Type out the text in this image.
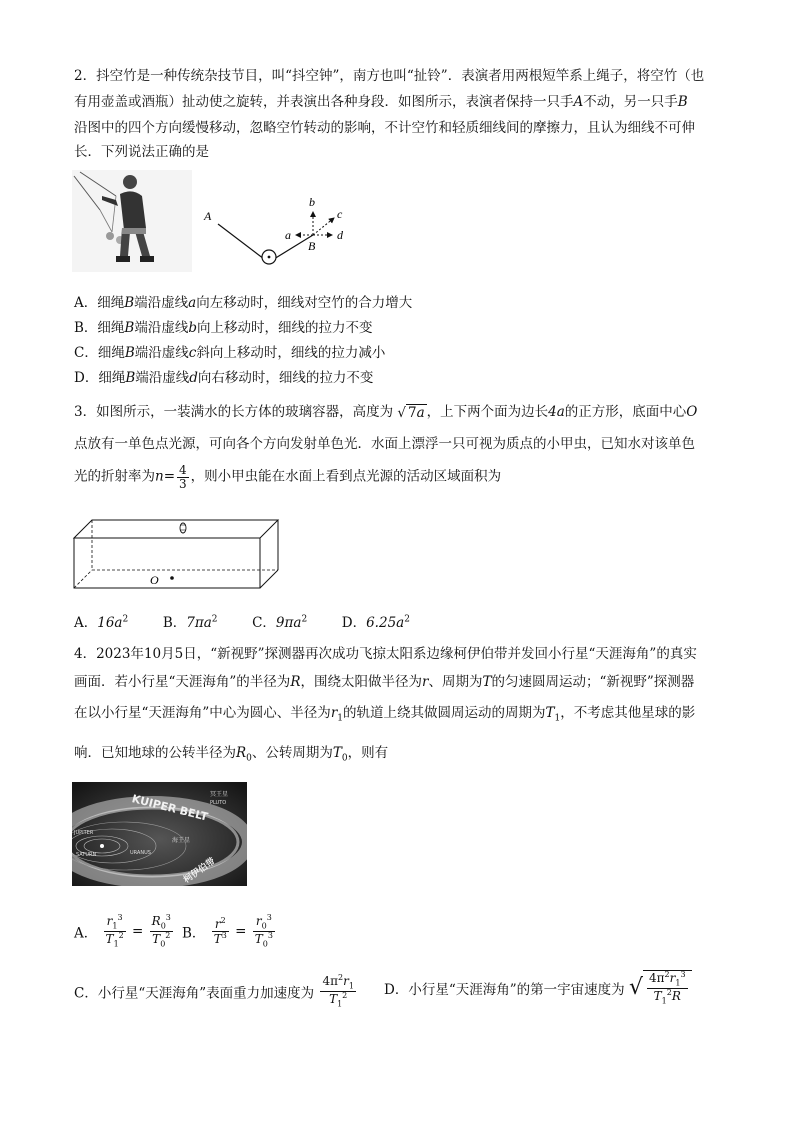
2．抖空竹是一种传统杂技节目，叫“抖空钟”，南方也叫“扯铃”．表演者用两根短竿系上绳子，将空竹（也
有用壶盖或酒瓶）扯动使之旋转，并表演出各种身段．如图所示，表演者保持一只手A不动，另一只手B
沿图中的四个方向缓慢移动，忽略空竹转动的影响，不计空竹和轻质细线间的摩擦力，且认为细线不可伸
长．下列说法正确的是
A
B
a
b
c
d
A．细绳B端沿虚线a向左移动时，细线对空竹的合力增大
B．细绳B端沿虚线b向上移动时，细线的拉力不变
C．细绳B端沿虚线c斜向上移动时，细线的拉力减小
D．细绳B端沿虚线d向右移动时，细线的拉力不变
3．如图所示，一装满水的长方体的玻璃容器，高度为 √ 7a ，上下两个面为边长4a的正方形，底面中心O
点放有一单色点光源，可向各个方向发射单色光．水面上漂浮一只可视为质点的小甲虫，已知水对该单色
光的折射率为$n= \frac{4}{3}$ ，则小甲虫能在水面上看到点光源的活动区域面积为
O
A．$16a^2$	B．$7\pi a^2$	C．$9\pi a^2$	D．$6.25a^2$
4．2023年10月5日，“新视野”探测器再次成功飞掠太阳系边缘柯伊伯带并发回小行星“天涯海角”的真实
画面．若小行星“天涯海角”的半径为R，围绕太阳做半径为r、周期为T的匀速圆周运动；“新视野”探测器
在以小行星“天涯海角”中心为圆心、半径为$r_1$的轨道上绕其做圆周运动的周期为$T_1$，不考虑其他星球的影
响．已知地球的公转半径为$R_0$、公转周期为$T_0$，则有
冥王星
PLUTO
JUPITER
SATURN	URANUS
海王星
KUIPER BELT
柯伊伯带
A． $\frac{r_1^3}{T_1^2} = \frac{R_0^3}{T_0^2}$ B． $\frac{r^2}{T^3} = \frac{r_0^3}{T_0^3}$
C．小行星“天涯海角”表面重力加速度为 $\frac{4\pi^2r_1}{T_1^2}$ D．小行星“天涯海角”的第一宇宙速度为 √ $\frac{4\pi^2r_1^3}{T_1^2R}$
